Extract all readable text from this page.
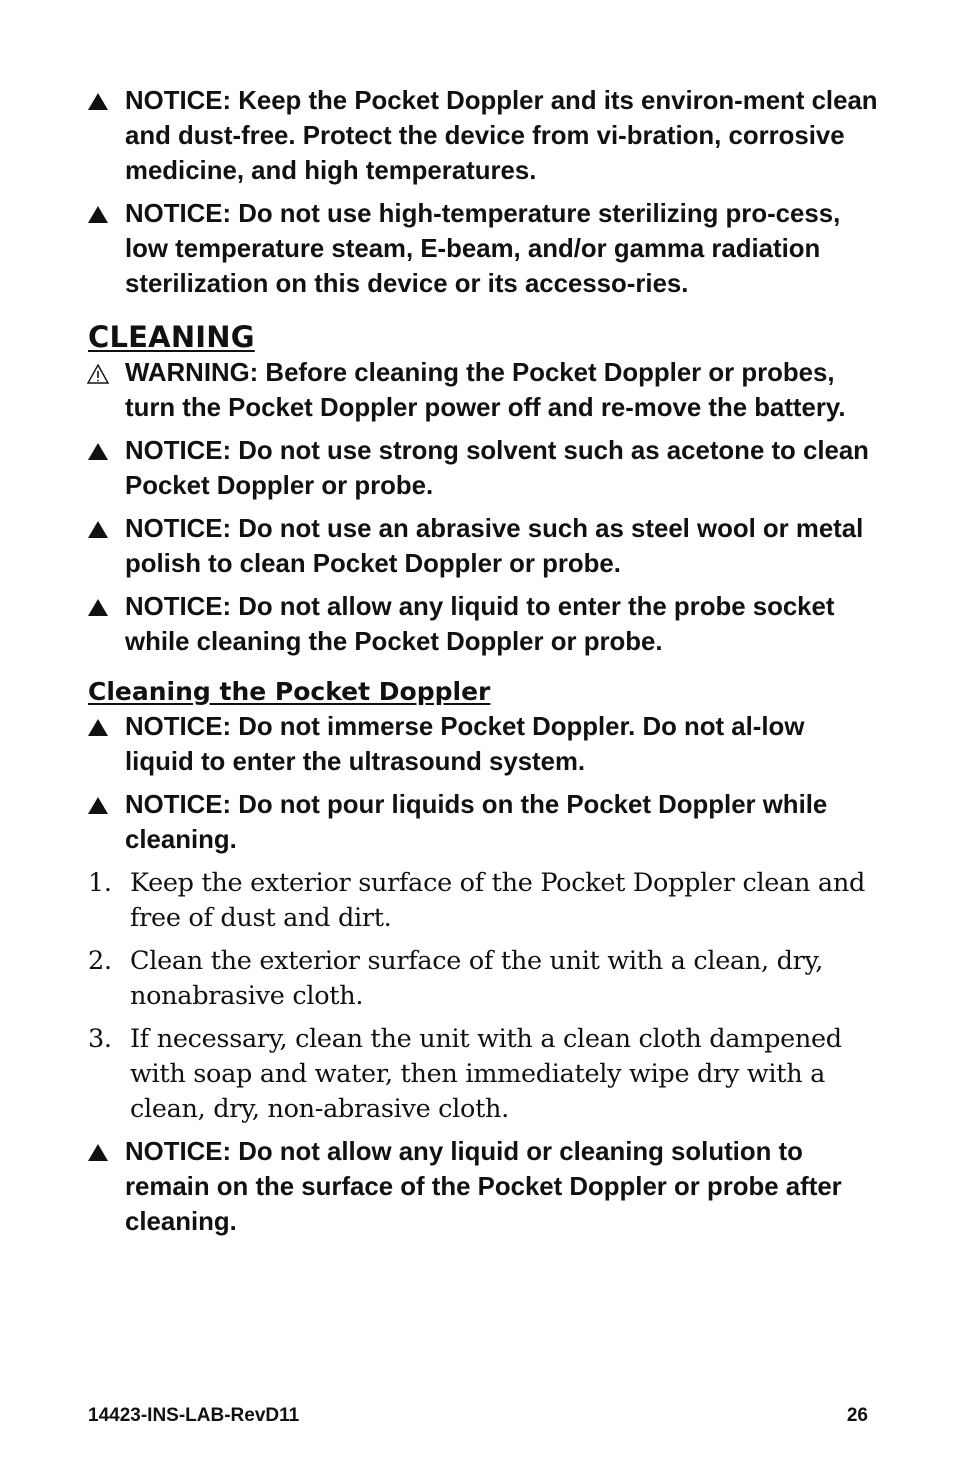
NOTICE: Keep the Pocket Doppler and its environ-ment clean and dust-free. Protect the device from vi-bration, corrosive medicine, and high temperatures.
NOTICE: Do not use high-temperature sterilizing pro-cess, low temperature steam, E-beam, and/or gamma radiation sterilization on this device or its accesso-ries.
CLEANING
WARNING: Before cleaning the Pocket Doppler or probes, turn the Pocket Doppler power off and re-move the battery.
NOTICE: Do not use strong solvent such as acetone to clean Pocket Doppler or probe.
NOTICE: Do not use an abrasive such as steel wool or metal polish to clean Pocket Doppler or probe.
NOTICE: Do not allow any liquid to enter the probe socket while cleaning the Pocket Doppler or probe.
Cleaning the Pocket Doppler
NOTICE: Do not immerse Pocket Doppler. Do not al-low liquid to enter the ultrasound system.
NOTICE: Do not pour liquids on the Pocket Doppler while cleaning.
1. Keep the exterior surface of the Pocket Doppler clean and free of dust and dirt.
2. Clean the exterior surface of the unit with a clean, dry, nonabrasive cloth.
3. If necessary, clean the unit with a clean cloth dampened with soap and water, then immediately wipe dry with a clean, dry, non-abrasive cloth.
NOTICE: Do not allow any liquid or cleaning solution to remain on the surface of the Pocket Doppler or probe after cleaning.
14423-INS-LAB-RevD11	26
